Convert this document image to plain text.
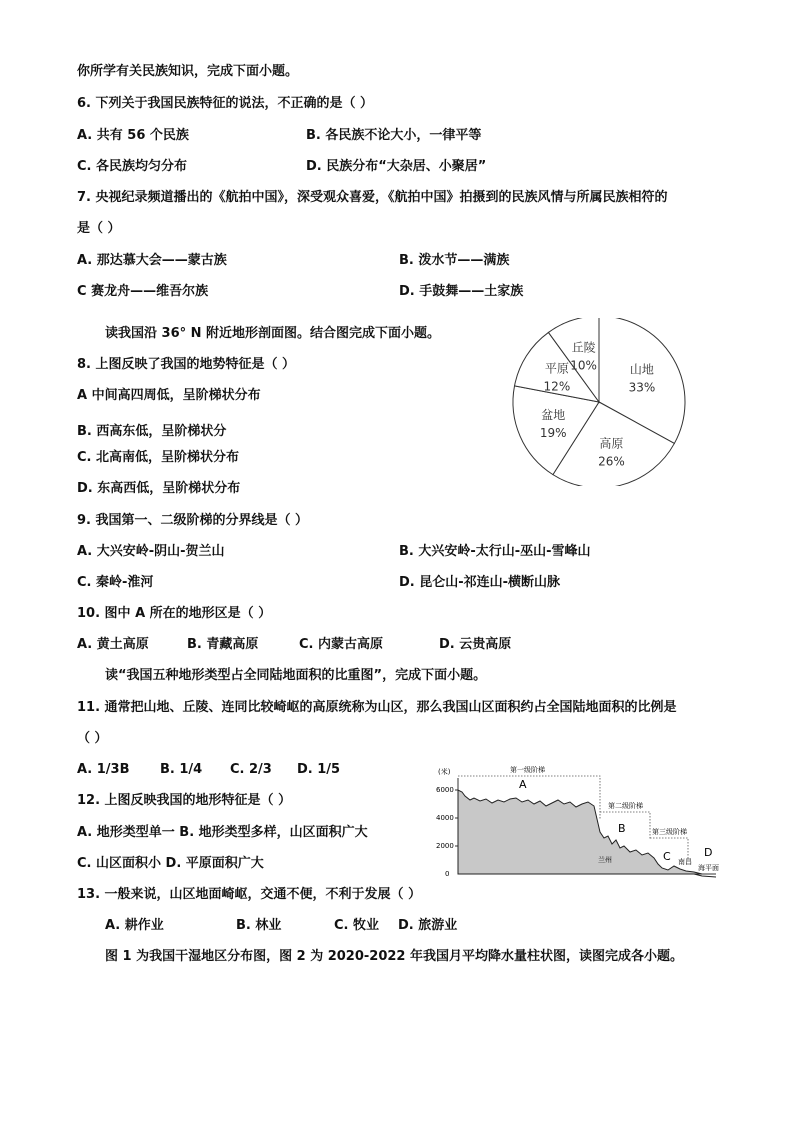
你所学有关民族知识，完成下面小题。
6. 下列关于我国民族特征的说法，不正确的是（ ）
A. 共有 56 个民族	B. 各民族不论大小，一律平等
C. 各民族均匀分布	D. 民族分布“大杂居、小聚居”
7. 央视纪录频道播出的《航拍中国》，深受观众喜爱，《航拍中国》拍摄到的民族风情与所属民族相符的
是（ ）
A. 那达慕大会——蒙古族	B. 泼水节——满族
C 赛龙舟——维吾尔族	D. 手鼓舞——土家族
读我国沿 36° N 附近地形剖面图。结合图完成下面小题。
8. 上图反映了我国的地势特征是（ ）
A 中间高四周低，呈阶梯状分布
B. 西高东低，呈阶梯状分
C. 北高南低，呈阶梯状分布
D. 东高西低，呈阶梯状分布
9. 我国第一、二级阶梯的分界线是（ ）
A. 大兴安岭-阴山-贺兰山	B. 大兴安岭-太行山-巫山-雪峰山
C. 秦岭-淮河	D. 昆仑山-祁连山-横断山脉
10. 图中 A 所在的地形区是（ ）
A. 黄土高原	B. 青藏高原	C. 内蒙古高原	D. 云贵高原
读“我国五种地形类型占全同陆地面积的比重图”，完成下面小题。
11. 通常把山地、丘陵、连同比较崎岖的高原统称为山区，那么我国山区面积约占全国陆地面积的比例是
（ ）
A. 1/3B B. 1/4 C. 2/3 D. 1/5
12. 上图反映我国的地形特征是（ ）
A. 地形类型单一 B. 地形类型多样，山区面积广大
C. 山区面积小 D. 平原面积广大
13. 一般来说，山区地面崎岖，交通不便，不利于发展（ ）
A. 耕作业	B. 林业	C. 牧业 D. 旅游业
图 1 为我国干湿地区分布图，图 2 为 2020-2022 年我国月平均降水量柱状图，读图完成各小题。
山地
33%
高原
26%
盆地
19%
平原
12%
丘陵
10%
(米)
6000
4000
2000
0
第一级阶梯
第二级阶梯
第三级阶梯
A
B
C	D
兰州	南昌
海平面
